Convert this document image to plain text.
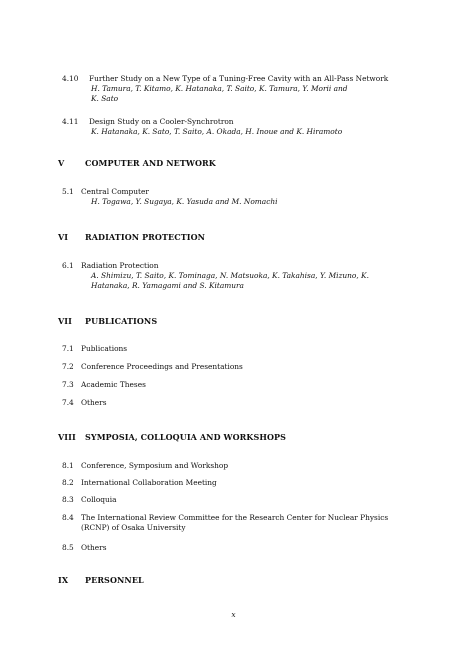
4.10	Further Study on a New Type of a Tuning-Free Cavity with an All-Pass Network
H. Tamura, T. Kitamo, K. Hatanaka, T. Saito, K. Tamura, Y. Morii and K. Sato
4.11	Design Study on a Cooler-Synchrotron
K. Hatanaka, K. Sato, T. Saito, A. Okada, H. Inoue and K. Hiramoto
V	COMPUTER AND NETWORK
5.1 Central Computer
H. Togawa, Y. Sugaya, K. Yasuda and M. Nomachi
VI RADIATION PROTECTION
6.1 Radiation Protection
A. Shimizu, T. Saito, K. Tominaga, N. Matsuoka, K. Takahisa, Y. Mizuno, K. Hatanaka, R. Yamagami and S. Kitamura
VII PUBLICATIONS
7.1 Publications
7.2 Conference Proceedings and Presentations
7.3 Academic Theses
7.4 Others
VIII SYMPOSIA, COLLOQUIA AND WORKSHOPS
8.1 Conference, Symposium and Workshop
8.2 International Collaboration Meeting
8.3 Colloquia
8.4 The International Review Committee for the Research Center for Nuclear Physics (RCNP) of Osaka University
8.5 Others
IX PERSONNEL
x
